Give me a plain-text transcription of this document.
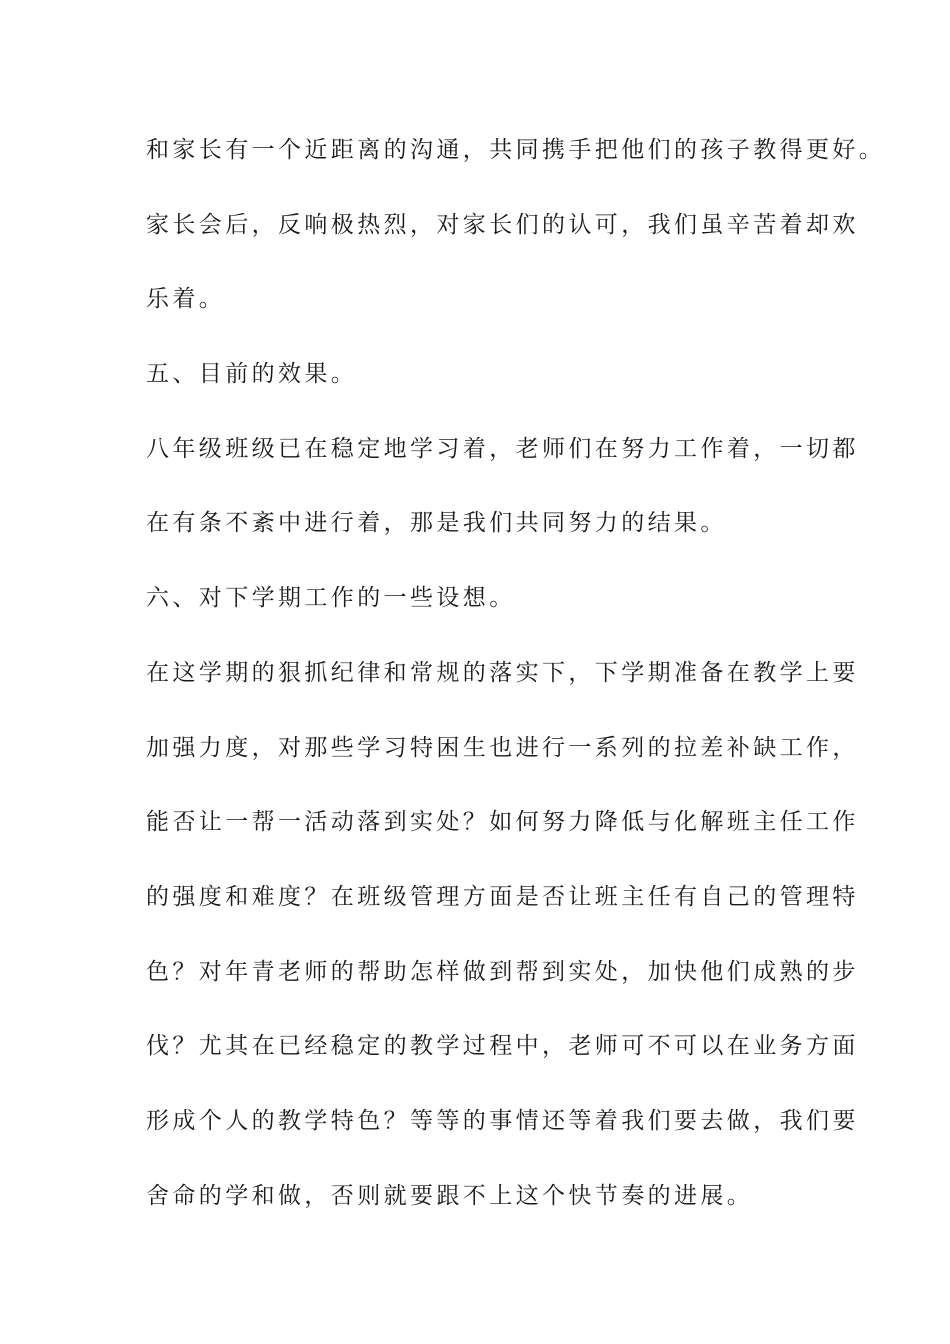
和家长有一个近距离的沟通，共同携手把他们的孩子教得更好。
家长会后，反响极热烈，对家长们的认可，我们虽辛苦着却欢
乐着。
五、目前的效果。
八年级班级已在稳定地学习着，老师们在努力工作着，一切都
在有条不紊中进行着，那是我们共同努力的结果。
六、对下学期工作的一些设想。
在这学期的狠抓纪律和常规的落实下，下学期准备在教学上要
加强力度，对那些学习特困生也进行一系列的拉差补缺工作，
能否让一帮一活动落到实处？如何努力降低与化解班主任工作
的强度和难度？在班级管理方面是否让班主任有自己的管理特
色？对年青老师的帮助怎样做到帮到实处，加快他们成熟的步
伐？尤其在已经稳定的教学过程中，老师可不可以在业务方面
形成个人的教学特色？等等的事情还等着我们要去做，我们要
舍命的学和做，否则就要跟不上这个快节奏的进展。
